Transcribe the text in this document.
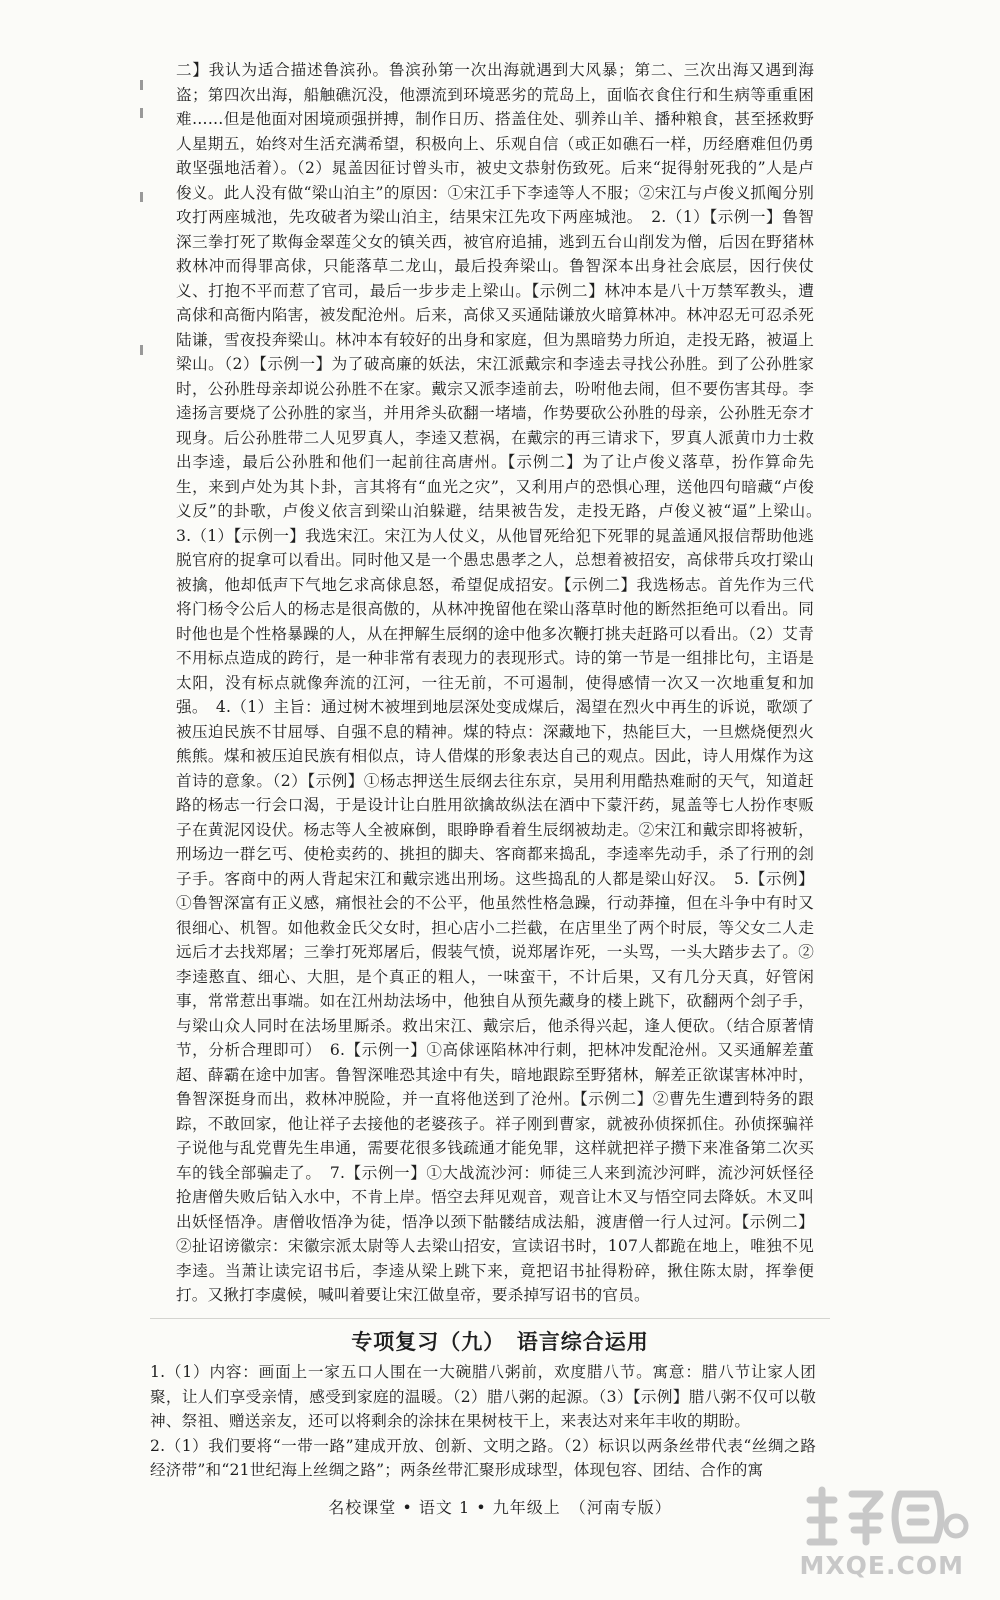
二】我认为适合描述鲁滨孙。鲁滨孙第一次出海就遇到大风暴；第二、三次出海又遇到海盗；第四次出海，船触礁沉没，他漂流到环境恶劣的荒岛上，面临衣食住行和生病等重重困难……但是他面对困境顽强拼搏，制作日历、搭盖住处、驯养山羊、播种粮食，甚至拯救野人星期五，始终对生活充满希望，积极向上、乐观自信（或正如礁石一样，历经磨难但仍勇敢坚强地活着）。（2）晁盖因征讨曾头市，被史文恭射伤致死。后来“捉得射死我的”人是卢俊义。此人没有做“梁山泊主”的原因：①宋江手下李逵等人不服；②宋江与卢俊义抓阄分别攻打两座城池，先攻破者为梁山泊主，结果宋江先攻下两座城池。　2.（1）【示例一】鲁智深三拳打死了欺侮金翠莲父女的镇关西，被官府追捕，逃到五台山削发为僧，后因在野猪林救林冲而得罪高俅，只能落草二龙山，最后投奔梁山。鲁智深本出身社会底层，因行侠仗义、打抱不平而惹了官司，最后一步步走上梁山。【示例二】林冲本是八十万禁军教头，遭高俅和高衙内陷害，被发配沧州。后来，高俅又买通陆谦放火暗算林冲。林冲忍无可忍杀死陆谦，雪夜投奔梁山。林冲本有较好的出身和家庭，但为黑暗势力所迫，走投无路，被逼上梁山。（2）【示例一】为了破高廉的妖法，宋江派戴宗和李逵去寻找公孙胜。到了公孙胜家时，公孙胜母亲却说公孙胜不在家。戴宗又派李逵前去，吩咐他去闹，但不要伤害其母。李逵扬言要烧了公孙胜的家当，并用斧头砍翻一堵墙，作势要砍公孙胜的母亲，公孙胜无奈才现身。后公孙胜带二人见罗真人，李逵又惹祸，在戴宗的再三请求下，罗真人派黄巾力士救出李逵，最后公孙胜和他们一起前往高唐州。【示例二】为了让卢俊义落草，扮作算命先生，来到卢处为其卜卦，言其将有“血光之灾”，又利用卢的恐惧心理，送他四句暗藏“卢俊义反”的卦歌，卢俊义依言到梁山泊躲避，结果被告发，走投无路，卢俊义被“逼”上梁山。　3.（1）【示例一】我选宋江。宋江为人仗义，从他冒死给犯下死罪的晁盖通风报信帮助他逃脱官府的捉拿可以看出。同时他又是一个愚忠愚孝之人，总想着被招安，高俅带兵攻打梁山被擒，他却低声下气地乞求高俅息怒，希望促成招安。【示例二】我选杨志。首先作为三代将门杨令公后人的杨志是很高傲的，从林冲挽留他在梁山落草时他的断然拒绝可以看出。同时他也是个性格暴躁的人，从在押解生辰纲的途中他多次鞭打挑夫赶路可以看出。（2）艾青　不用标点造成的跨行，是一种非常有表现力的表现形式。诗的第一节是一组排比句，主语是太阳，没有标点就像奔流的江河，一往无前，不可遏制，使得感情一次又一次地重复和加强。　4.（1）主旨：通过树木被埋到地层深处变成煤后，渴望在烈火中再生的诉说，歌颂了被压迫民族不甘屈辱、自强不息的精神。煤的特点：深藏地下，热能巨大，一旦燃烧便烈火熊熊。煤和被压迫民族有相似点，诗人借煤的形象表达自己的观点。因此，诗人用煤作为这首诗的意象。（2）【示例】①杨志押送生辰纲去往东京，吴用利用酷热难耐的天气，知道赶路的杨志一行会口渴，于是设计让白胜用欲擒故纵法在酒中下蒙汗药，晁盖等七人扮作枣贩子在黄泥冈设伏。杨志等人全被麻倒，眼睁睁看着生辰纲被劫走。②宋江和戴宗即将被斩，刑场边一群乞丐、使枪卖药的、挑担的脚夫、客商都来捣乱，李逵率先动手，杀了行刑的刽子手。客商中的两人背起宋江和戴宗逃出刑场。这些捣乱的人都是梁山好汉。　5.【示例】①鲁智深富有正义感，痛恨社会的不公平，他虽然性格急躁，行动莽撞，但在斗争中有时又很细心、机智。如他救金氏父女时，担心店小二拦截，在店里坐了两个时辰，等父女二人走远后才去找郑屠；三拳打死郑屠后，假装气愤，说郑屠诈死，一头骂，一头大踏步去了。②李逵憨直、细心、大胆，是个真正的粗人，一味蛮干，不计后果，又有几分天真，好管闲事，常常惹出事端。如在江州劫法场中，他独自从预先藏身的楼上跳下，砍翻两个刽子手，与梁山众人同时在法场里厮杀。救出宋江、戴宗后，他杀得兴起，逢人便砍。（结合原著情节，分析合理即可）　6.【示例一】①高俅诬陷林冲行刺，把林冲发配沧州。又买通解差董超、薛霸在途中加害。鲁智深唯恐其途中有失，暗地跟踪至野猪林，解差正欲谋害林冲时，鲁智深挺身而出，救林冲脱险，并一直将他送到了沧州。【示例二】②曹先生遭到特务的跟踪，不敢回家，他让祥子去接他的老婆孩子。祥子刚到曹家，就被孙侦探抓住。孙侦探骗祥子说他与乱党曹先生串通，需要花很多钱疏通才能免罪，这样就把祥子攒下来准备第二次买车的钱全部骗走了。　7.【示例一】①大战流沙河：师徒三人来到流沙河畔，流沙河妖怪径抢唐僧失败后钻入水中，不肯上岸。悟空去拜见观音，观音让木叉与悟空同去降妖。木叉叫出妖怪悟净。唐僧收悟净为徒，悟净以颈下骷髅结成法船，渡唐僧一行人过河。【示例二】②扯诏谤徽宗：宋徽宗派太尉等人去梁山招安，宣读诏书时，107人都跪在地上，唯独不见李逵。当萧让读完诏书后，李逵从梁上跳下来，竟把诏书扯得粉碎，揪住陈太尉，挥拳便打。又揪打李虞候，喊叫着要让宋江做皇帝，要杀掉写诏书的官员。

专项复习（九）　语言综合运用

1.（1）内容：画面上一家五口人围在一大碗腊八粥前，欢度腊八节。寓意：腊八节让家人团聚，让人们享受亲情，感受到家庭的温暖。（2）腊八粥的起源。（3）【示例】腊八粥不仅可以敬神、祭祖、赠送亲友，还可以将剩余的涂抹在果树枝干上，来表达对来年丰收的期盼。

2.（1）我们要将“一带一路”建成开放、创新、文明之路。（2）标识以两条丝带代表“丝绸之路经济带”和“21世纪海上丝绸之路”；两条丝带汇聚形成球型，体现包容、团结、合作的寓

名校课堂 • 语文 1 • 九年级上　（河南专版）
MXQE.COM
